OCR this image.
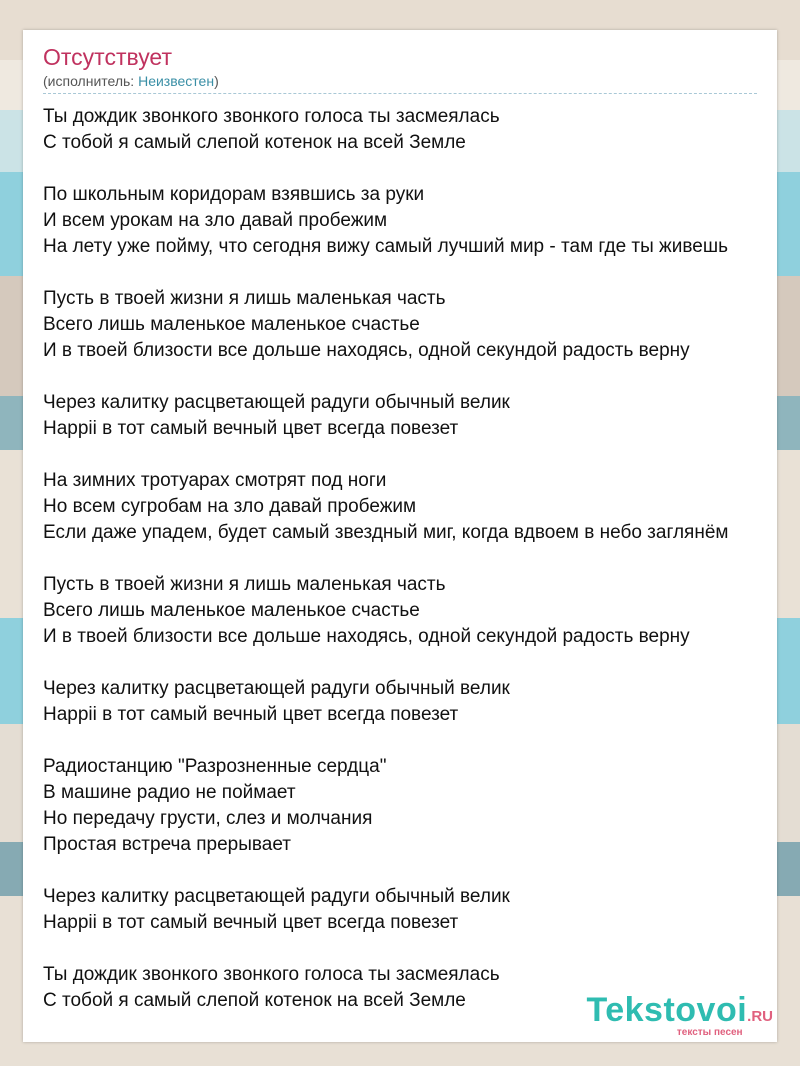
Отсутствует
(исполнитель: Неизвестен)
Ты дождик звонкого звонкого голоса ты засмеялась
С тобой я самый слепой котенок на всей Земле
По школьным коридорам взявшись за руки
И всем урокам на зло давай пробежим
На лету уже пойму, что сегодня вижу самый лучший мир - там где ты живешь
Пусть в твоей жизни я лишь маленькая часть
Всего лишь маленькое маленькое счастье
И в твоей близости все дольше находясь, одной секундой радость верну
Через калитку расцветающей радуги обычный велик
Happii в тот самый вечный цвет всегда повезет
На зимних тротуарах смотрят под ноги
Но всем сугробам на зло давай пробежим
Если даже упадем, будет самый звездный миг, когда вдвоем в небо заглянём
Пусть в твоей жизни я лишь маленькая часть
Всего лишь маленькое маленькое счастье
И в твоей близости все дольше находясь, одной секундой радость верну
Через калитку расцветающей радуги обычный велик
Happii в тот самый вечный цвет всегда повезет
Радиостанцию "Разрозненные сердца"
В машине радио не поймает
Но передачу грусти, слез и молчания
Простая встреча прерывает
Через калитку расцветающей радуги обычный велик
Happii в тот самый вечный цвет всегда повезет
Ты дождик звонкого звонкого голоса ты засмеялась
С тобой я самый слепой котенок на всей Земле	Tekstovoi.RU
тексты песен
